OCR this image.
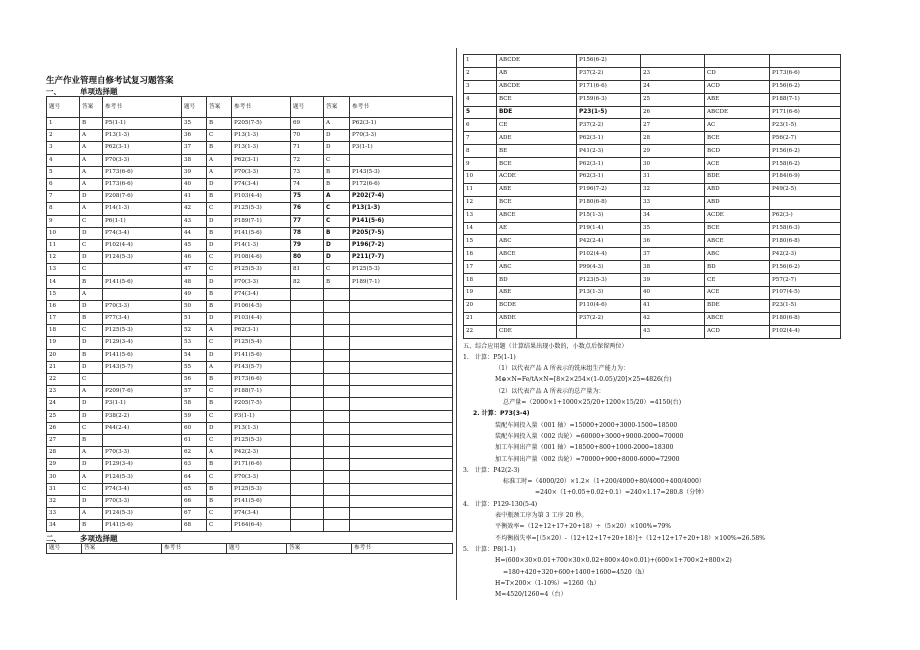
生产作业管理自修考试复习题答案
一、	单项选择题
题号	答案	参考书	题号	答案	参考书	题号	答案	参考书
1	B	P5(1-1)	35	B	P205(7-5)	69	A	P62(3-1)
2	A	P13(1-3)	36	C	P13(1-3)	70	D	P70(3-3)
3	A	P62(3-1)	37	B	P13(1-3)	71	D	P3(1-1)
4	A	P70(3-3)	38	A	P62(3-1)	72	C	
5	A	P173(6-6)	39	A	P70(3-3)	73	B	P143(5-3)
6	A	P173(6-6)	40	D	P74(3-4)	74	B	P172(6-6)
7	D	P208(7-6)	41	B	P103(4-4)	75	A	P202(7-4)
8	A	P14(1-3)	42	C	P125(5-3)	76	C	P13(1-3)
9	C	P6(1-1)	43	D	P189(7-1)	77	C	P141(5-6)
10	D	P74(3-4)	44	B	P141(5-6)	78	B	P205(7-5)
11	C	P102(4-4)	45	D	P14(1-3)	79	D	P196(7-2)
12	D	P124(5-3)	46	C	P108(4-6)	80	D	P211(7-7)
13	C		47	C	P125(5-3)	81	C	P125(5-3)
14	B	P141(5-6)	48	D	P70(3-3)	82	B	P189(7-1)
15	A		49	B	P74(3-4)			
16	D	P70(3-3)	50	B	P106(4-5)			
17	B	P77(3-4)	51	D	P103(4-4)			
18	C	P125(5-3)	52	A	P62(3-1)			
19	D	P129(3-4)	53	C	P125(5-4)			
20	B	P141(5-6)	54	D	P141(5-6)			
21	D	P143(5-7)	55	A	P143(5-7)			
22	C		56	B	P173(6-6)			
23	A	P209(7-6)	57	C	P188(7-1)			
24	D	P3(1-1)	58	B	P205(7-5)			
25	D	P38(2-2)	59	C	P3(1-1)			
26	C	P44(2-4)	60	D	P13(1-3)			
27	B		61	C	P125(5-3)			
28	A	P70(3-3)	62	A	P42(2-3)			
29	D	P129(3-4)	63	B	P171(6-6)			
30	A	P124(5-3)	64	C	P70(3-3)			
31	C	P74(3-4)	65	B	P125(5-3)			
32	D	P70(3-3)	66	B	P141(5-6)			
33	A	P124(5-3)	67	C	P74(3-4)			
34	B	P141(5-6)	68	C	P164(6-4)			
二、	多项选择题
题号	答案	参考书	题号	答案	参考书
1	ABCDE	P156(6-2)			
2	AB	P37(2-2)	23	CD	P173(6-6)
3	ABCDE	P171(6-6)	24	ACD	P156(6-2)
4	BCE	P159(6-3)	25	ABE	P188(7-1)
5	BDE	P23(1-5)	26	ABCDE	P171(6-6)
6	CE	P37(2-2)	27	AC	P23(1-5)
7	ADE	P62(3-1)	28	BCE	P56(2-7)
8	BE	P41(2-3)	29	BCD	P156(6-2)
9	BCE	P62(3-1)	30	ACE	P158(6-2)
10	ACDE	P62(3-1)	31	BDE	P184(6-9)
11	ABE	P196(7-2)	32	ABD	P49(2-5)
12	BCE	P180(6-8)	33	ABD	
13	ABCE	P15(1-3)	34	ACDE	P62(3-)
14	AE	P19(1-4)	35	BCE	P158(6-3)
15	ABC	P42(2-4)	36	ABCE	P180(6-8)
16	ABCE	P102(4-4)	37	ABC	P42(2-3)
17	ABC	P99(4-3)	38	BD	P156(6-2)
18	BD	P123(5-3)	39	CE	P57(2-7)
19	ABE	P13(1-3)	40	ACE	P107(4-5)
20	BCDE	P110(4-6)	41	BDE	P23(1-5)
21	ABDE	P37(2-2)	42	ABCE	P180(6-8)
22	CDE		43	ACD	P102(4-4)
五、综合应用题（计算结果出现小数的，小数点后保留两位）
1.　计算：P5(1-1)
（1）以代表产品 A 所表示的铣床组生产能力为：
M⊕×N=Fe/tA×N=[8×2×254×(1-0.05)/20]×25=4826(台)
（2）以代表产品 A 所表示的总产量为：
总产量=（2000×1+1000×25/20+1200×15/20）=4150(台)
2. 计算：P73(3-4)
装配车间投入量（001 轴）=15000+2000+3000-1500=18500
装配车间投入量（002 齿轮）=60000+3000+9000-2000=70000
加工车间出产量（001 轴）=18500+800+1000-2000=18300
加工车间出产量（002 齿轮）=70000+900+8000-6000=72900
3.　计算：P42(2-3)
标准工时=（4000/20）×1.2×（1+200/4000+80/4000+400/4000）
=240×（1+0.05+0.02+0.1）=240×1.17=280.8（分钟）
4.　计算：P129-130(5-4)
表中瓶颈工序为第 3 工序 20 秒。
平衡效率=（12+12+17+20+18）÷（5×20）×100%=79%
不均衡损失率=[（5×20）-（12+12+17+20+18）]÷（12+12+17+20+18）×100%=26.58%
5.　计算：P8(1-1)
H=(600×30×0.01+700×30×0.02+800×40×0.01)+(600×1+700×2+800×2)
=180+420+320+600+1400+1600=4520（h）
H=T×200×（1-10%）=1260（h）
M=4520/1260≈4（台）
